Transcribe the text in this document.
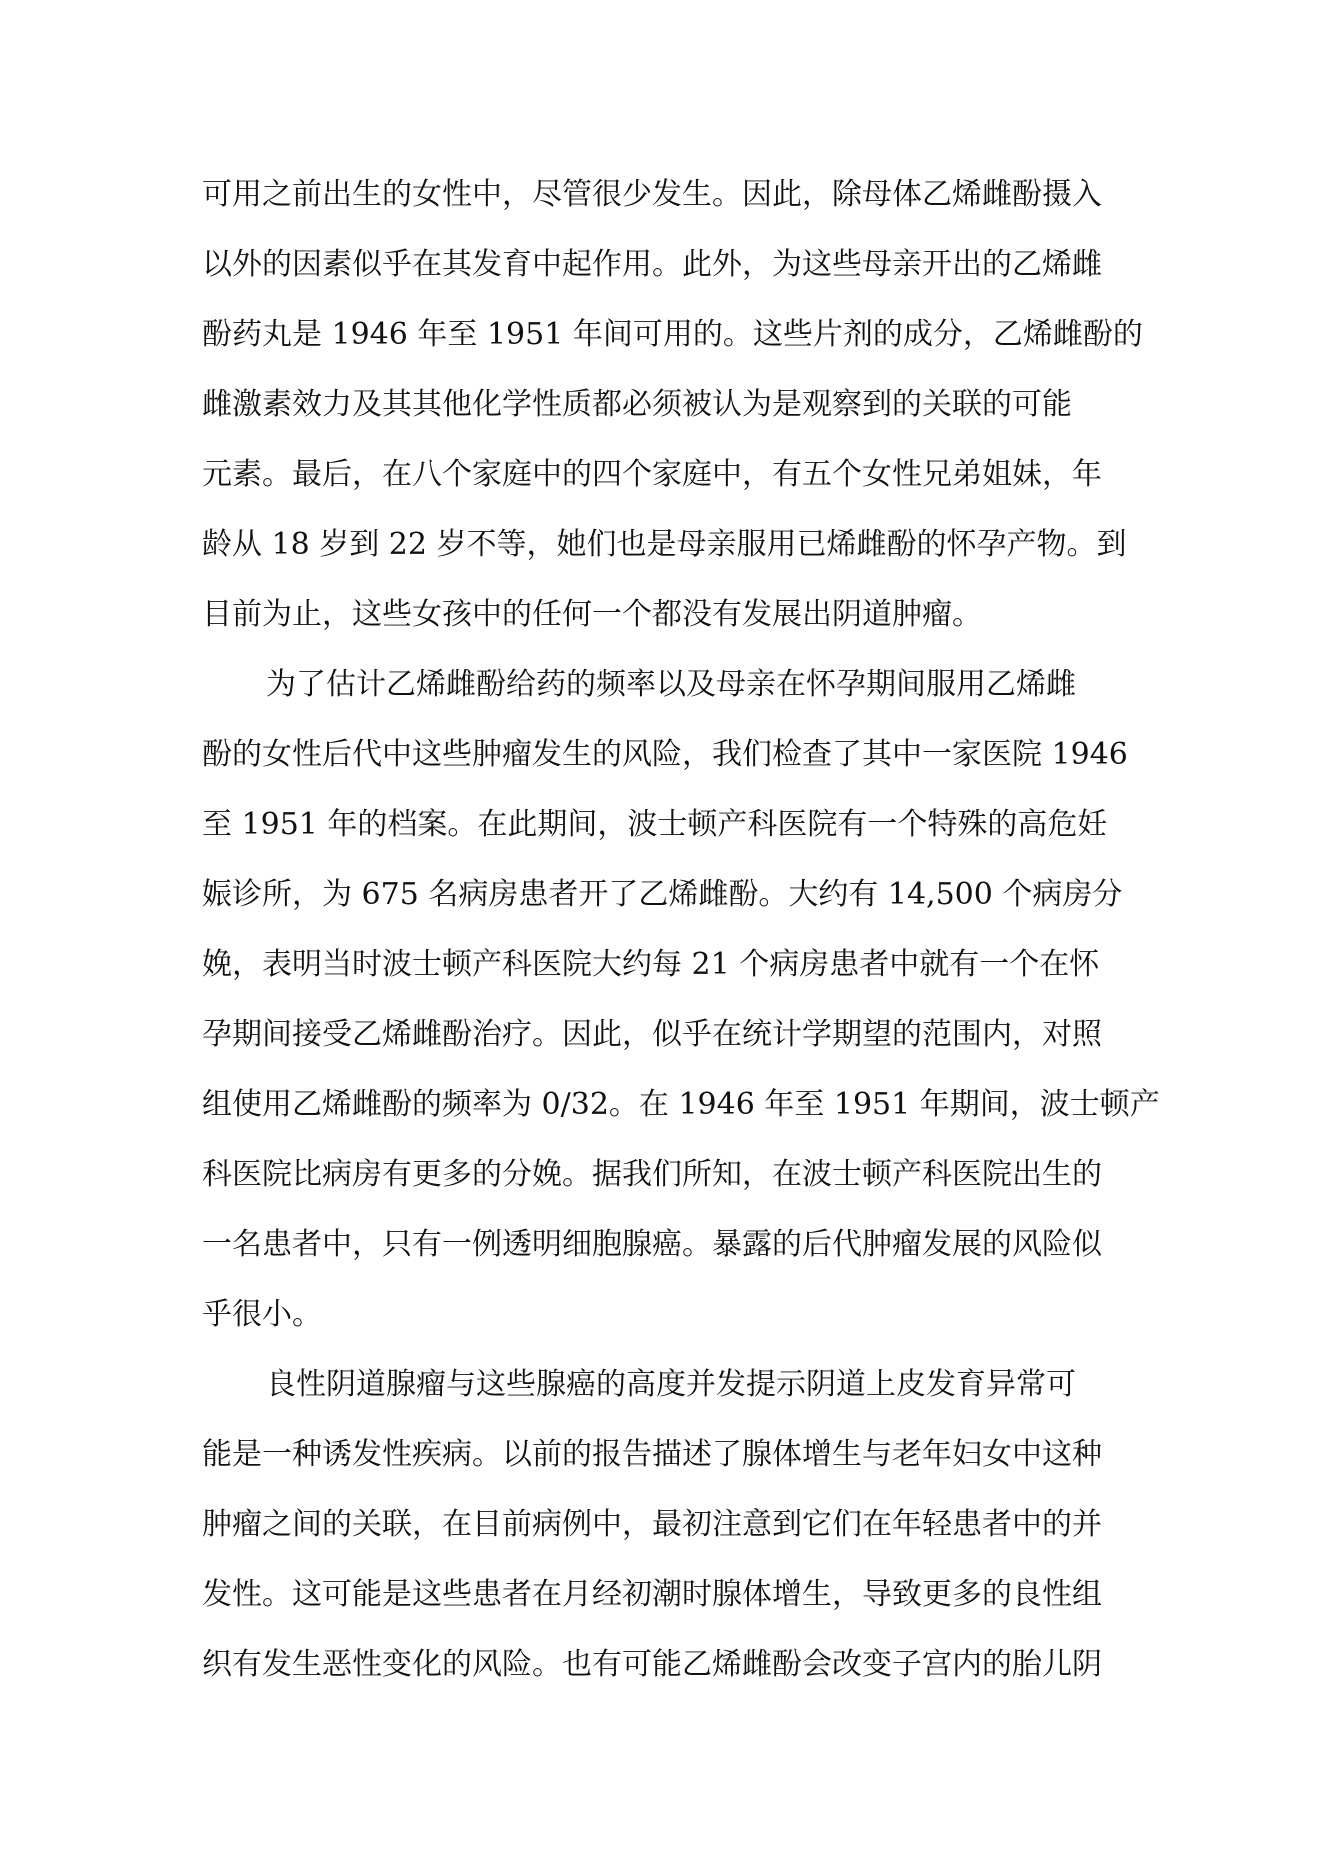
可用之前出生的女性中，尽管很少发生。因此，除母体乙烯雌酚摄入
以外的因素似乎在其发育中起作用。此外，为这些母亲开出的乙烯雌
酚药丸是 1946 年至 1951 年间可用的。这些片剂的成分，乙烯雌酚的
雌激素效力及其其他化学性质都必须被认为是观察到的关联的可能
元素。最后，在八个家庭中的四个家庭中，有五个女性兄弟姐妹，年
龄从 18 岁到 22 岁不等，她们也是母亲服用已烯雌酚的怀孕产物。到
目前为止，这些女孩中的任何一个都没有发展出阴道肿瘤。
为了估计乙烯雌酚给药的频率以及母亲在怀孕期间服用乙烯雌
酚的女性后代中这些肿瘤发生的风险，我们检查了其中一家医院 1946
至 1951 年的档案。在此期间，波士顿产科医院有一个特殊的高危妊
娠诊所，为 675 名病房患者开了乙烯雌酚。大约有 14,500 个病房分
娩，表明当时波士顿产科医院大约每 21 个病房患者中就有一个在怀
孕期间接受乙烯雌酚治疗。因此，似乎在统计学期望的范围内，对照
组使用乙烯雌酚的频率为 0/32。在 1946 年至 1951 年期间，波士顿产
科医院比病房有更多的分娩。据我们所知，在波士顿产科医院出生的
一名患者中，只有一例透明细胞腺癌。暴露的后代肿瘤发展的风险似
乎很小。
良性阴道腺瘤与这些腺癌的高度并发提示阴道上皮发育异常可
能是一种诱发性疾病。以前的报告描述了腺体增生与老年妇女中这种
肿瘤之间的关联，在目前病例中，最初注意到它们在年轻患者中的并
发性。这可能是这些患者在月经初潮时腺体增生，导致更多的良性组
织有发生恶性变化的风险。也有可能乙烯雌酚会改变子宫内的胎儿阴
